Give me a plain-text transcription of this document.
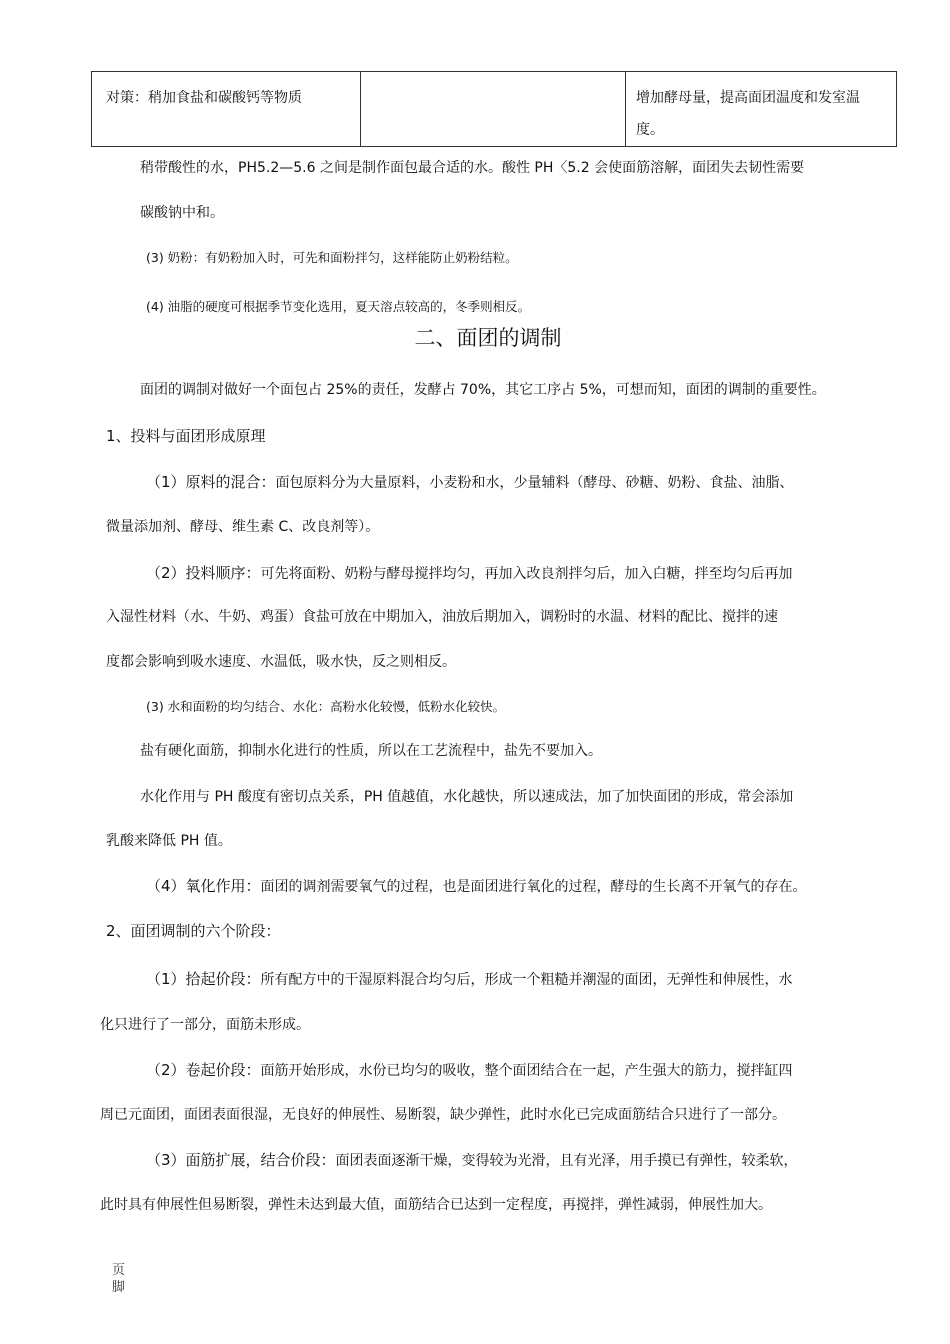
对策：稍加食盐和碳酸钙等物质		增加酵母量，提高面团温度和发室温度。
稍带酸性的水，PH5.2—5.6 之间是制作面包最合适的水。酸性 PH〈5.2 会使面筋溶解，面团失去韧性需要
碳酸钠中和。
(3) 奶粉：有奶粉加入时，可先和面粉拌匀，这样能防止奶粉结粒。
(4) 油脂的硬度可根据季节变化选用，夏天溶点较高的，冬季则相反。
二、面团的调制
面团的调制对做好一个面包占 25%的责任，发酵占 70%，其它工序占 5%，可想而知，面团的调制的重要性。
1、投料与面团形成原理
（1）原料的混合：面包原料分为大量原料，小麦粉和水，少量辅料（酵母、砂糖、奶粉、食盐、油脂、
微量添加剂、酵母、维生素 C、改良剂等）。
（2）投料顺序：可先将面粉、奶粉与酵母搅拌均匀，再加入改良剂拌匀后，加入白糖，拌至均匀后再加
入湿性材料（水、牛奶、鸡蛋）食盐可放在中期加入，油放后期加入，调粉时的水温、材料的配比、搅拌的速
度都会影响到吸水速度、水温低，吸水快，反之则相反。
(3) 水和面粉的均匀结合、水化：高粉水化较慢，低粉水化较快。
盐有硬化面筋，抑制水化进行的性质，所以在工艺流程中，盐先不要加入。
水化作用与 PH 酸度有密切点关系，PH 值越值，水化越快，所以速成法，加了加快面团的形成，常会添加
乳酸来降低 PH 值。
（4）氧化作用：面团的调剂需要氧气的过程，也是面团进行氧化的过程，酵母的生长离不开氧气的存在。
2、面团调制的六个阶段：
（1）拾起价段：所有配方中的干湿原料混合均匀后，形成一个粗糙并潮湿的面团，无弹性和伸展性，水
化只进行了一部分，面筋未形成。
（2）卷起价段：面筋开始形成，水份已均匀的吸收，整个面团结合在一起，产生强大的筋力，搅拌缸四
周已元面团，面团表面很湿，无良好的伸展性、易断裂，缺少弹性，此时水化已完成面筋结合只进行了一部分。
（3）面筋扩展，结合价段：面团表面逐渐干燥，变得较为光滑，且有光泽，用手摸已有弹性，较柔软，
此时具有伸展性但易断裂，弹性未达到最大值，面筋结合已达到一定程度，再搅拌，弹性减弱，伸展性加大。
页
脚
